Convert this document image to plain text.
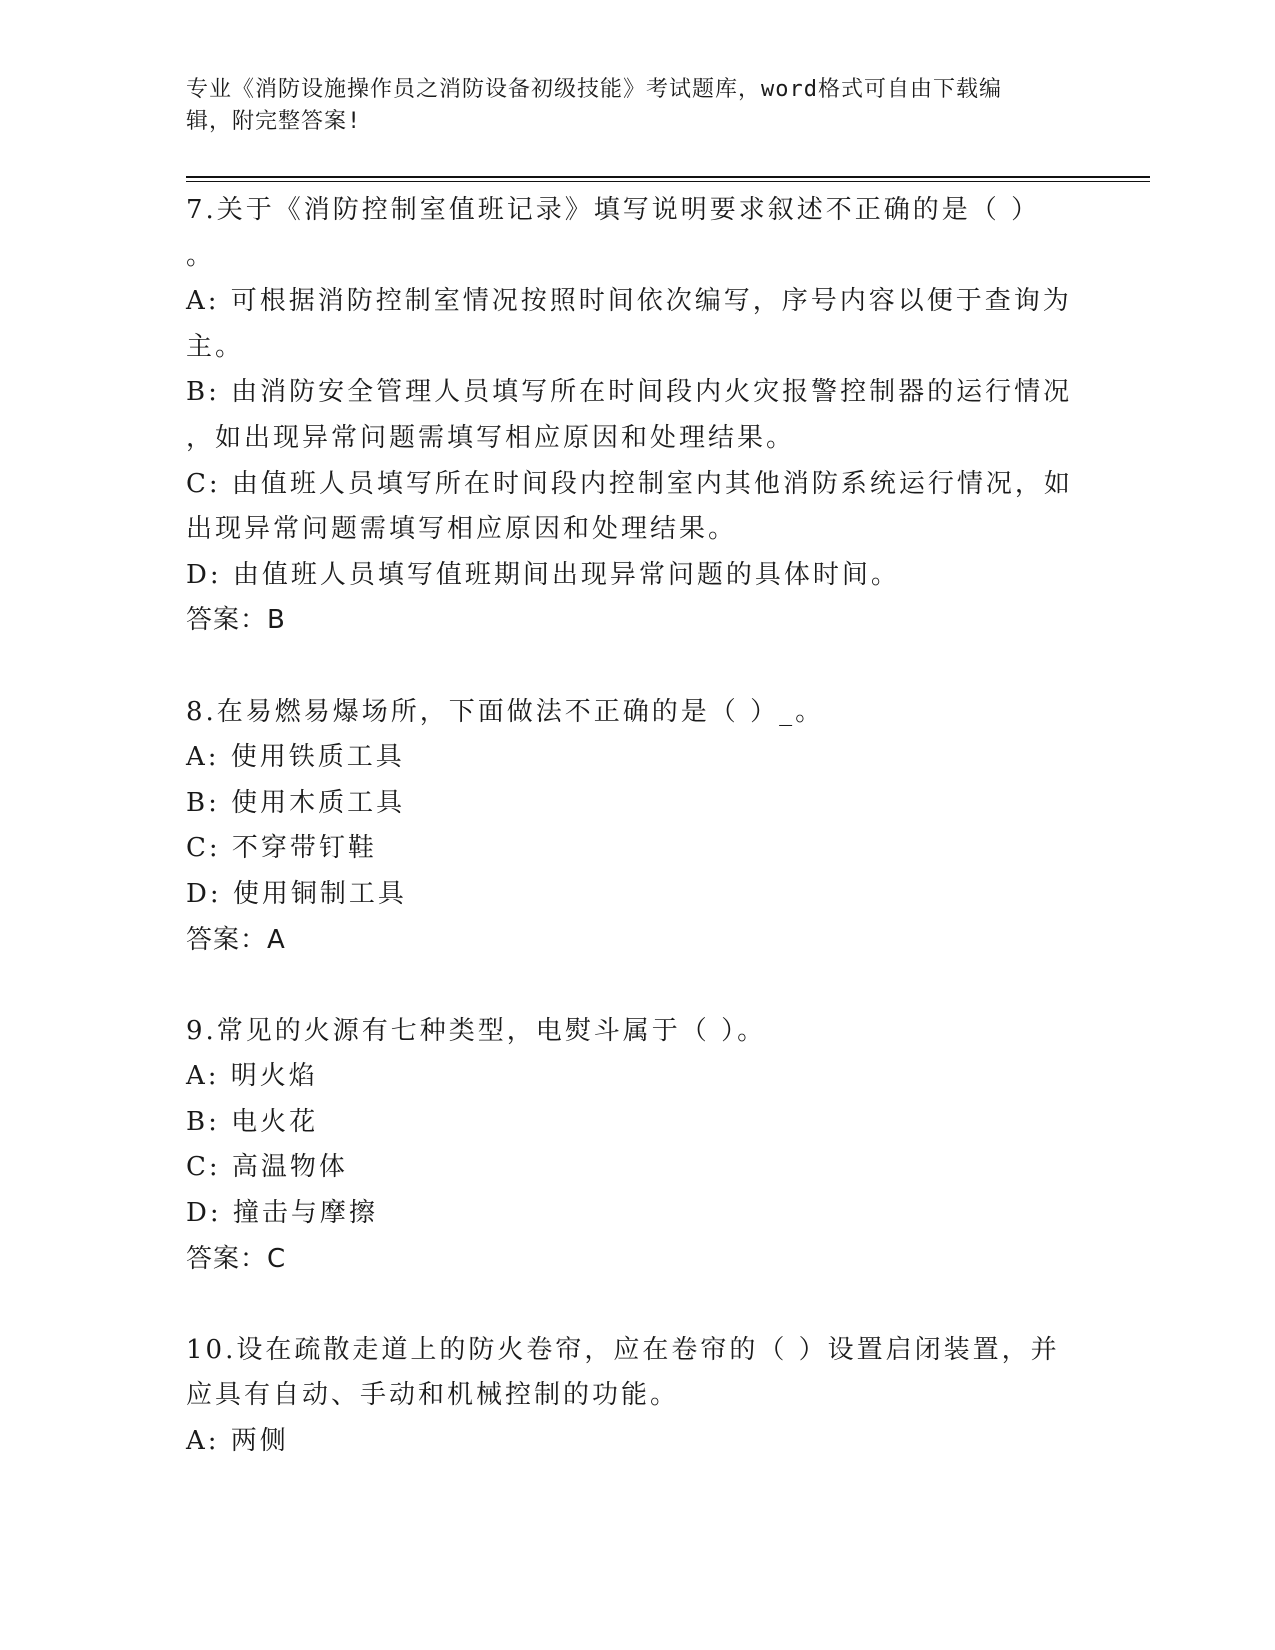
专业《消防设施操作员之消防设备初级技能》考试题库，word格式可自由下载编
辑，附完整答案!
7.关于《消防控制室值班记录》填写说明要求叙述不正确的是（ ）
。
A: 可根据消防控制室情况按照时间依次编写，序号内容以便于查询为
主。
B: 由消防安全管理人员填写所在时间段内火灾报警控制器的运行情况
，如出现异常问题需填写相应原因和处理结果。
C: 由值班人员填写所在时间段内控制室内其他消防系统运行情况，如
出现异常问题需填写相应原因和处理结果。
D: 由值班人员填写值班期间出现异常问题的具体时间。
答案：B
8.在易燃易爆场所，下面做法不正确的是（ ）_。
A: 使用铁质工具
B: 使用木质工具
C: 不穿带钉鞋
D: 使用铜制工具
答案：A
9.常见的火源有七种类型，电熨斗属于（ ）。
A: 明火焰
B: 电火花
C: 高温物体
D: 撞击与摩擦
答案：C
10.设在疏散走道上的防火卷帘，应在卷帘的（ ）设置启闭装置，并
应具有自动、手动和机械控制的功能。
A: 两侧
